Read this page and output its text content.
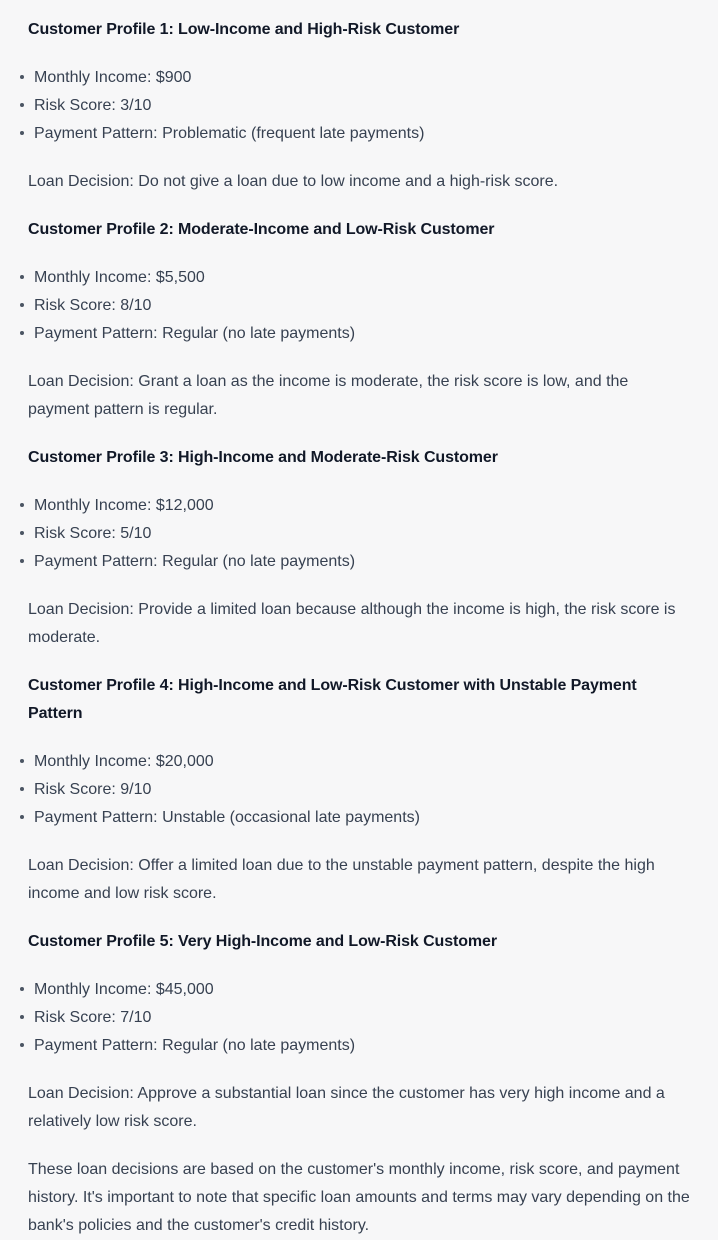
Customer Profile 1: Low-Income and High-Risk Customer

Monthly Income: $900
Risk Score: 3/10
Payment Pattern: Problematic (frequent late payments)

Loan Decision: Do not give a loan due to low income and a high-risk score.

Customer Profile 2: Moderate-Income and Low-Risk Customer

Monthly Income: $5,500
Risk Score: 8/10
Payment Pattern: Regular (no late payments)

Loan Decision: Grant a loan as the income is moderate, the risk score is low, and the payment pattern is regular.

Customer Profile 3: High-Income and Moderate-Risk Customer

Monthly Income: $12,000
Risk Score: 5/10
Payment Pattern: Regular (no late payments)

Loan Decision: Provide a limited loan because although the income is high, the risk score is moderate.

Customer Profile 4: High-Income and Low-Risk Customer with Unstable Payment Pattern

Monthly Income: $20,000
Risk Score: 9/10
Payment Pattern: Unstable (occasional late payments)

Loan Decision: Offer a limited loan due to the unstable payment pattern, despite the high income and low risk score.

Customer Profile 5: Very High-Income and Low-Risk Customer

Monthly Income: $45,000
Risk Score: 7/10
Payment Pattern: Regular (no late payments)

Loan Decision: Approve a substantial loan since the customer has very high income and a relatively low risk score.

These loan decisions are based on the customer's monthly income, risk score, and payment history. It's important to note that specific loan amounts and terms may vary depending on the bank's policies and the customer's credit history.
